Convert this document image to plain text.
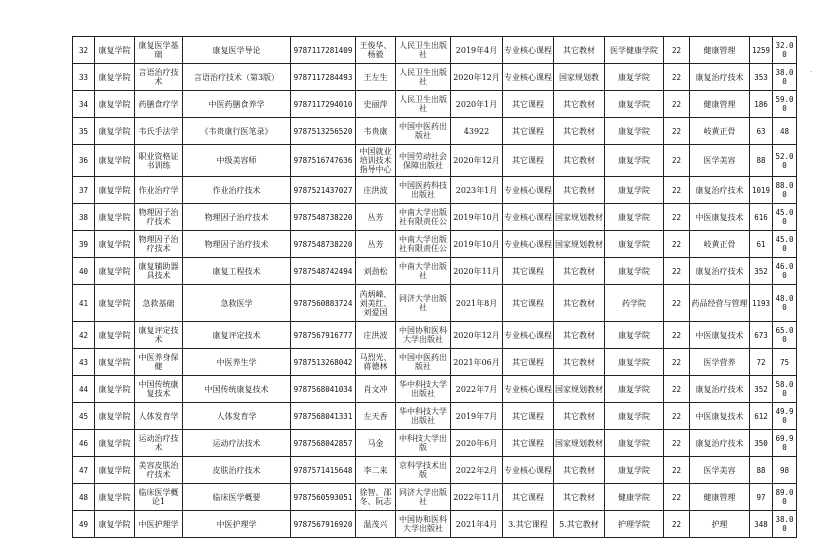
·
32	康复学院	康复医学基础	康复医学导论	9787117281409	王俊华、杨毅	人民卫生出版社	2019年4月	专业核心课程	其它教材	医学健康学院	22	健康管理	1259	32.00
33	康复学院	言语治疗技术	言语治疗技术（第3版）	9787117284493	王左生	人民卫生出版社	2020年12月	专业核心课程	国家规划教	康复学院	22	康复治疗技术	353	38.00
34	康复学院	药膳食疗学	中医药膳食养学	9787117294010	史丽萍	人民卫生出版社	2020年1月	其它课程	其它教材	康复学院	22	健康管理	186	59.00
35	康复学院	韦氏手法学	《韦贵康行医笔录》	9787513256520	韦贵康	中国中医药出版社	43922	其它课程	其它教材	康复学院	22	岐黄正骨	63	48
36	康复学院	职业资格证书训练	中级美容师	9787516747636	中国就业培训技术指导中心	中国劳动社会保障出版社	2020年12月	其它课程	其它教材	康复学院	22	医学美容	88	52.00
37	康复学院	作业治疗学	作业治疗技术	9787521437027	庄洪波	中国医药科技出版社	2023年1月	专业核心课程	其它教材	康复学院	22	康复治疗技术	1019	88.00
38	康复学院	物理因子治疗技术	物理因子治疗技术	9787548738220	丛芳	中南大学出版社有限责任公	2019年10月	专业核心课程	国家规划教材	康复学院	22	中医康复技术	616	45.00
39	康复学院	物理因子治疗技术	物理因子治疗技术	9787548738220	丛芳	中南大学出版社有限责任公	2019年10月	专业核心课程	国家规划教材	康复学院	22	岐黄正骨	61	45.00
40	康复学院	康复辅助器具技术	康复工程技术	9787548742494	刘劲松	中南大学出版社	2020年11月	其它课程	其它教材	康复学院	22	康复治疗技术	352	46.00
41	康复学院	急救基础	急救医学	9787560883724	芮炳峰、刘美红、刘爱国	同济大学出版社	2021年8月	其它课程	其它教材	药学院	22	药品经营与管理	1193	48.00
42	康复学院	康复评定技术	康复评定技术	9787567916777	庄洪波	中国协和医科大学出版社	2020年12月	专业核心课程	其它教材	康复学院	22	中医康复技术	673	65.00
43	康复学院	中医养身保健	中医养生学	9787513268042	马烈光、蒋德林	中国中医药出版社	2021年06月	其它课程	其它教材	康复学院	22	医学营养	72	75
44	康复学院	中国传统康复技术	中国传统康复技术	9787568041034	肖文冲	华中科技大学出版社	2022年7月	专业核心课程	国家规划教材	康复学院	22	康复治疗技术	352	58.00
45	康复学院	人体发育学	人体发育学	9787568041331	左天香	华中科技大学出版社	2019年7月	其它课程	其它教材	康复学院	22	中医康复技术	612	49.90
46	康复学院	运动治疗技术	运动疗法技术	9787568042857	马金	中科技大学出版	2020年6月	其它课程	国家规划教材	康复学院	22	康复治疗技术	350	69.90
47	康复学院	美容皮肤治疗技术	皮肤治疗技术	9787571415648	李二来	京科学技术出版	2022年2月	专业核心课程	其它教材	康复学院	22	医学美容	88	98
48	康复学院	临床医学概论1	临床医学概要	9787560593051	徐智、邵冬、阮志	同济大学出版社	2022年11月	其它课程	其它教材	健康学院	22	健康管理	97	89.00
49	康复学院	中医护理学	中医护理学	9787567916920	温茂兴	中国协和医科大学出版社	2021年4月	3.其它课程	5.其它教材	护理学院	22	护理	348	38.00
